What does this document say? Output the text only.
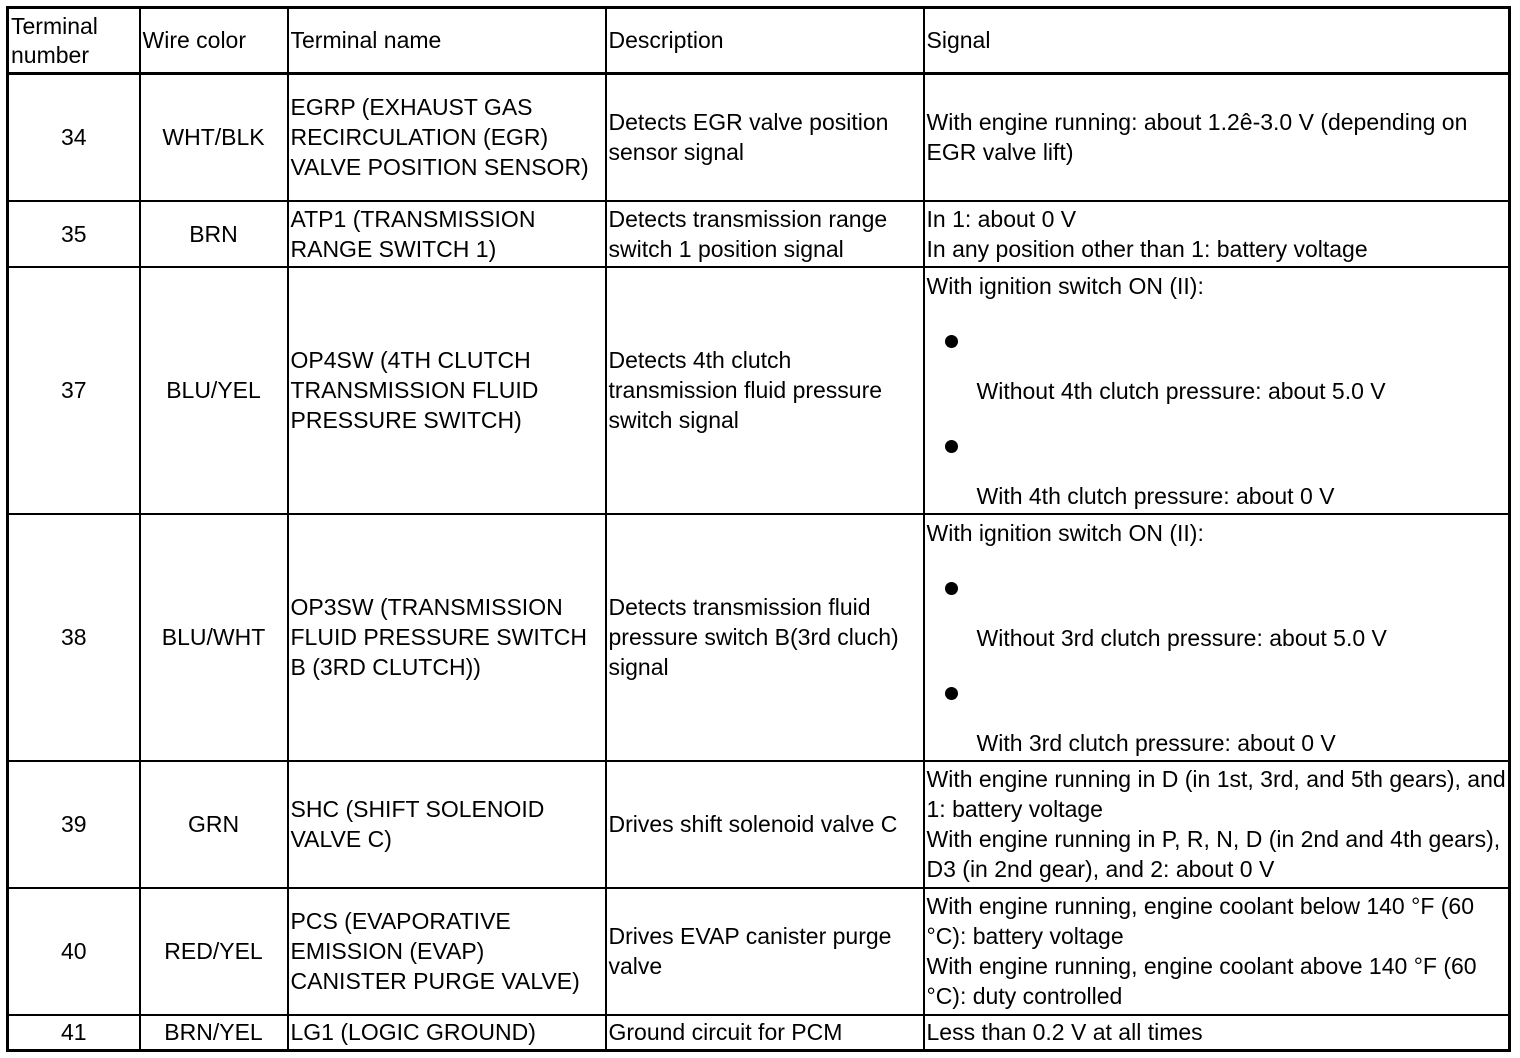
Terminal number	Wire color	Terminal name	Description	Signal
34	WHT/BLK	EGRP (EXHAUST GAS RECIRCULATION (EGR) VALVE POSITION SENSOR)	Detects EGR valve position sensor signal	With engine running: about 1.2ê-3.0 V (depending on EGR valve lift)

35	BRN	ATP1 (TRANSMISSION RANGE SWITCH 1)	Detects transmission range switch 1 position signal	In 1: about 0 V
In any position other than 1: battery voltage

37	BLU/YEL	OP4SW (4TH CLUTCH TRANSMISSION FLUID PRESSURE SWITCH)	Detects 4th clutch transmission fluid pressure switch signal	With ignition switch ON (II):
Without 4th clutch pressure: about 5.0 V
With 4th clutch pressure: about 0 V

38	BLU/WHT	OP3SW (TRANSMISSION FLUID PRESSURE SWITCH B (3RD CLUTCH))	Detects transmission fluid pressure switch B(3rd cluch) signal	With ignition switch ON (II):
Without 3rd clutch pressure: about 5.0 V
With 3rd clutch pressure: about 0 V

39	GRN	SHC (SHIFT SOLENOID VALVE C)	Drives shift solenoid valve C	With engine running in D (in 1st, 3rd, and 5th gears), and 1: battery voltage
With engine running in P, R, N, D (in 2nd and 4th gears), D3 (in 2nd gear), and 2: about 0 V

40	RED/YEL	PCS (EVAPORATIVE EMISSION (EVAP) CANISTER PURGE VALVE)	Drives EVAP canister purge valve	With engine running, engine coolant below 140 °F (60 °C): battery voltage
With engine running, engine coolant above 140 °F (60 °C): duty controlled

41	BRN/YEL	LG1 (LOGIC GROUND)	Ground circuit for PCM	Less than 0.2 V at all times
